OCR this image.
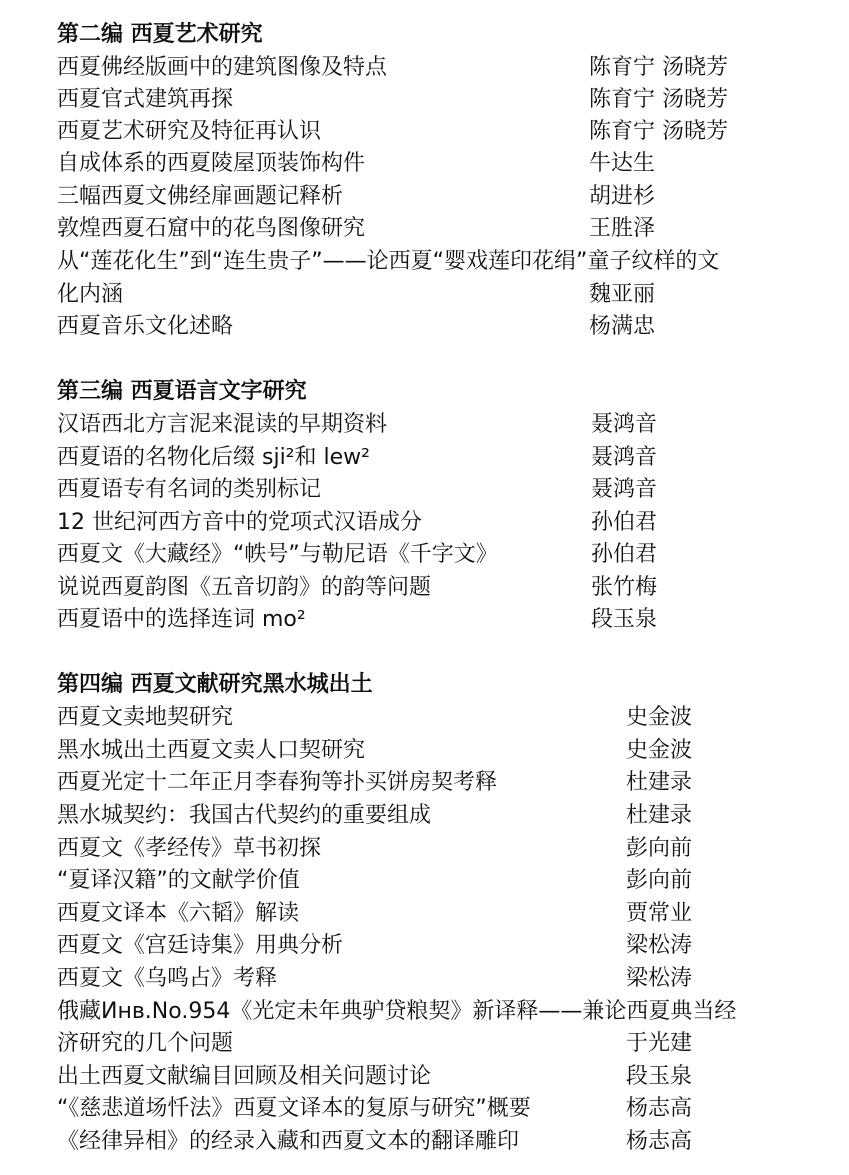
第二编 西夏艺术研究
西夏佛经版画中的建筑图像及特点	陈育宁 汤晓芳
西夏官式建筑再探	陈育宁 汤晓芳
西夏艺术研究及特征再认识	陈育宁 汤晓芳
自成体系的西夏陵屋顶装饰构件	牛达生
三幅西夏文佛经扉画题记释析	胡进杉
敦煌西夏石窟中的花鸟图像研究	王胜泽
从“莲花化生”到“连生贵子”——论西夏“婴戏莲印花绢”童子纹样的文
化内涵	魏亚丽
西夏音乐文化述略	杨满忠
第三编 西夏语言文字研究
汉语西北方言泥来混读的早期资料	聂鸿音
西夏语的名物化后缀 sji²和 lew²	聂鸿音
西夏语专有名词的类别标记	聂鸿音
12 世纪河西方音中的党项式汉语成分	孙伯君
西夏文《大藏经》“帙号”与勒尼语《千字文》	孙伯君
说说西夏韵图《五音切韵》的韵等问题	张竹梅
西夏语中的选择连词 mo²	段玉泉
第四编 西夏文献研究黑水城出土
西夏文卖地契研究	史金波
黑水城出土西夏文卖人口契研究	史金波
西夏光定十二年正月李春狗等扑买饼房契考释	杜建录
黑水城契约：我国古代契约的重要组成	杜建录
西夏文《孝经传》草书初探	彭向前
“夏译汉籍”的文献学价值	彭向前
西夏文译本《六韬》解读	贾常业
西夏文《宫廷诗集》用典分析	梁松涛
西夏文《乌鸣占》考释	梁松涛
俄藏Инв.No.954《光定未年典驴贷粮契》新译释——兼论西夏典当经
济研究的几个问题	于光建
出土西夏文献编目回顾及相关问题讨论	段玉泉
“《慈悲道场忏法》西夏文译本的复原与研究”概要	杨志高
《经律异相》的经录入藏和西夏文本的翻译雕印	杨志高
